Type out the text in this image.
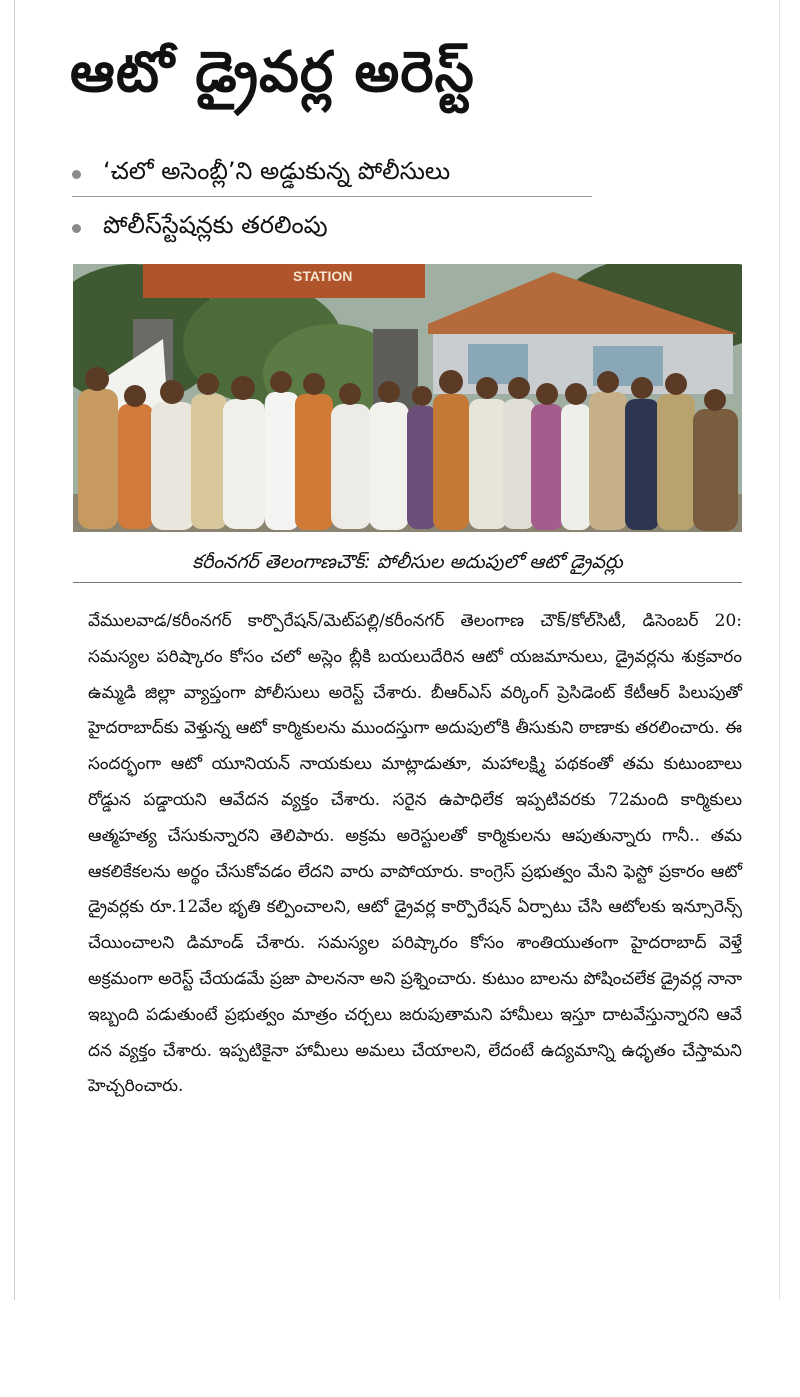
ఆటో డ్రైవర్ల అరెస్ట్
‘చలో అసెంబ్లీ’ని అడ్డుకున్న పోలీసులు
పోలీస్‌స్టేషన్లకు తరలింపు
STATION
కరీంనగర్ తెలంగాణచౌక్: పోలీసుల అదుపులో ఆటో డ్రైవర్లు
వేములవాడ/కరీంనగర్ కార్పొరేషన్/మెట్‌పల్లి/కరీంనగర్ తెలంగాణ చౌక్/కోల్‌సిటీ, డిసెంబర్ 20: సమస్యల పరిష్కారం కోసం చలో అస్లెం బ్లీకి బయలుదేరిన ఆటో యజమానులు, డ్రైవర్లను శుక్రవారం ఉమ్మడి జిల్లా వ్యాప్తంగా పోలీసులు అరెస్ట్ చేశారు. బీఆర్‌ఎస్ వర్కింగ్ ప్రెసిడెంట్ కేటీఆర్ పిలుపుతో హైదరాబాద్‌కు వెళ్తున్న ఆటో కార్మికులను ముందస్తుగా అదుపులోకి తీసుకుని ఠాణాకు తరలించారు. ఈ సందర్భంగా ఆటో యూనియన్ నాయకులు మాట్లాడుతూ, మహాలక్ష్మి పథకంతో తమ కుటుంబాలు రోడ్డున పడ్డాయని ఆవేదన వ్యక్తం చేశారు. సరైన ఉపాధిలేక ఇప్పటివరకు 72మంది కార్మికులు ఆత్మహత్య చేసుకున్నారని తెలిపారు. అక్రమ అరెస్టులతో కార్మికులను ఆపుతున్నారు గానీ.. తమ ఆకలికేకలను అర్థం చేసుకోవడం లేదని వారు వాపోయారు. కాంగ్రెస్ ప్రభుత్వం మేని ఫెస్టో ప్రకారం ఆటో డ్రైవర్లకు రూ.12వేల భృతి కల్పించాలని, ఆటో డ్రైవర్ల కార్పొరేషన్ ఏర్పాటు చేసి ఆటోలకు ఇన్సూరెన్స్ చేయించాలని డిమాండ్ చేశారు. సమస్యల పరిష్కారం కోసం శాంతియుతంగా హైదరాబాద్ వెళ్తే అక్రమంగా అరెస్ట్ చేయడమే ప్రజా పాలననా అని ప్రశ్నించారు. కుటుం బాలను పోషించలేక డ్రైవర్ల నానా ఇబ్బంది పడుతుంటే ప్రభుత్వం మాత్రం చర్చలు జరుపుతామని హామీలు ఇస్తూ దాటవేస్తున్నారని ఆవే దన వ్యక్తం చేశారు. ఇప్పటికైనా హామీలు అమలు చేయాలని, లేదంటే ఉద్యమాన్ని ఉధృతం చేస్తామని హెచ్చరించారు.
